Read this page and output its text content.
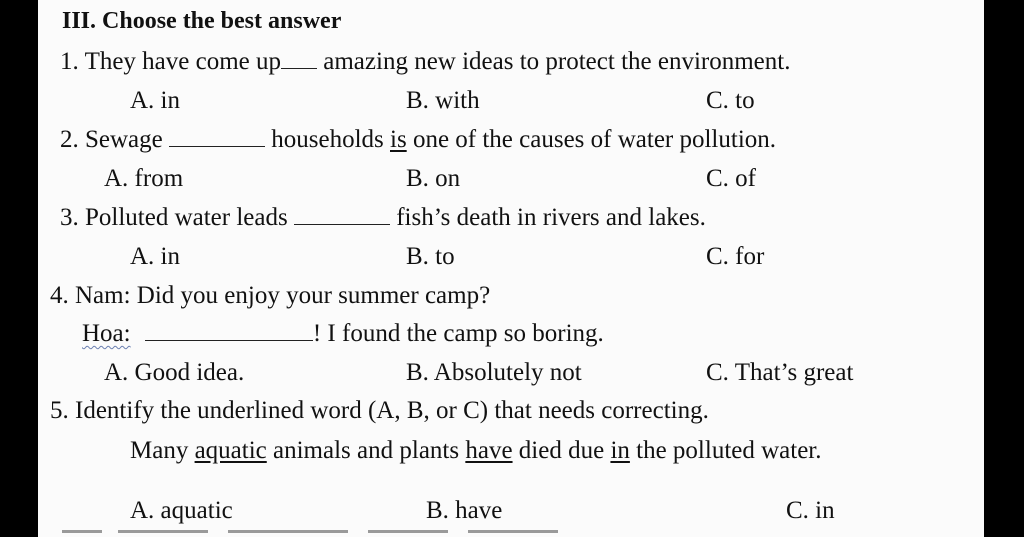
III. Choose the best answer
1. They have come up amazing new ideas to protect the environment.
A. in	B. with	C. to
2. Sewage	households is one of the causes of water pollution.
A. from	B. on	C. of
3. Polluted water leads	fish’s death in rivers and lakes.
A. in	B. to	C. for
4. Nam: Did you enjoy your summer camp?
Hoa:	! I found the camp so boring.
A. Good idea.	B. Absolutely not	C. That’s great
5. Identify the underlined word (A, B, or C) that needs correcting.
Many aquatic animals and plants have died due in the polluted water.
A. aquatic	B. have	C. in
